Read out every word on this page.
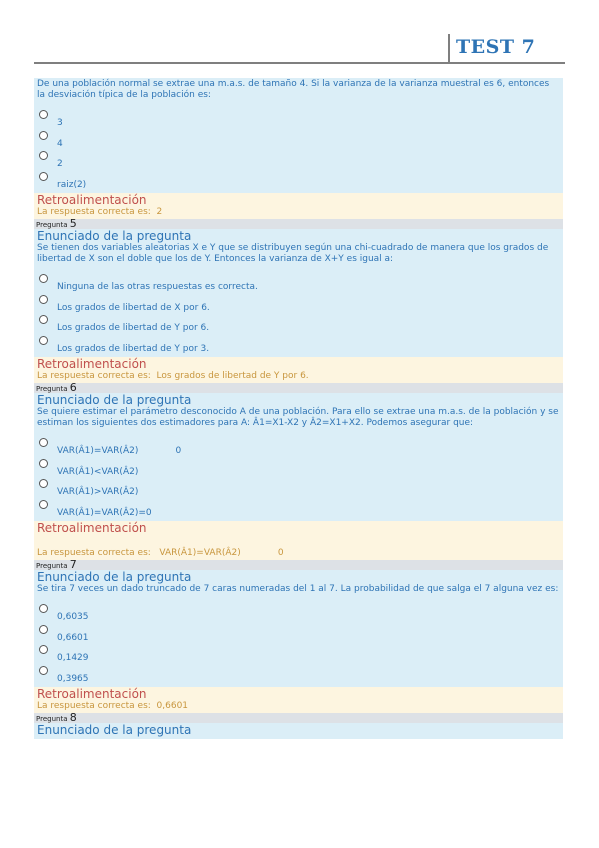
TEST 7
De una población normal se extrae una m.a.s. de tamaño 4. Si la varianza de la varianza muestral es 6, entonces la desviación típica de la población es:
3
4
2
raiz(2)
Retroalimentación
La respuesta correcta es:  2
Pregunta 5
Enunciado de la pregunta
Se tienen dos variables aleatorias X e Y que se distribuyen según una chi-cuadrado de manera que los grados de libertad de X son el doble que los de Y. Entonces la varianza de X+Y es igual a:
Ninguna de las otras respuestas es correcta.
Los grados de libertad de X por 6.
Los grados de libertad de Y por 6.
Los grados de libertad de Y por 3.
Retroalimentación
La respuesta correcta es:  Los grados de libertad de Y por 6.
Pregunta 6
Enunciado de la pregunta
Se quiere estimar el parámetro desconocido A de una población. Para ello se extrae una m.a.s. de la población y se estiman los siguientes dos estimadores para A: Â1=X1-X2 y Â2=X1+X2. Podemos asegurar que:
VAR(Â1)=VAR(Â2)             0
VAR(Â1)<VAR(Â2)
VAR(Â1)>VAR(Â2)
VAR(Â1)=VAR(Â2)=0
Retroalimentación
La respuesta correcta es:   VAR(Â1)=VAR(Â2)             0
Pregunta 7
Enunciado de la pregunta
Se tira 7 veces un dado truncado de 7 caras numeradas del 1 al 7. La probabilidad de que salga el 7 alguna vez es:
0,6035
0,6601
0,1429
0,3965
Retroalimentación
La respuesta correcta es:  0,6601
Pregunta 8
Enunciado de la pregunta
